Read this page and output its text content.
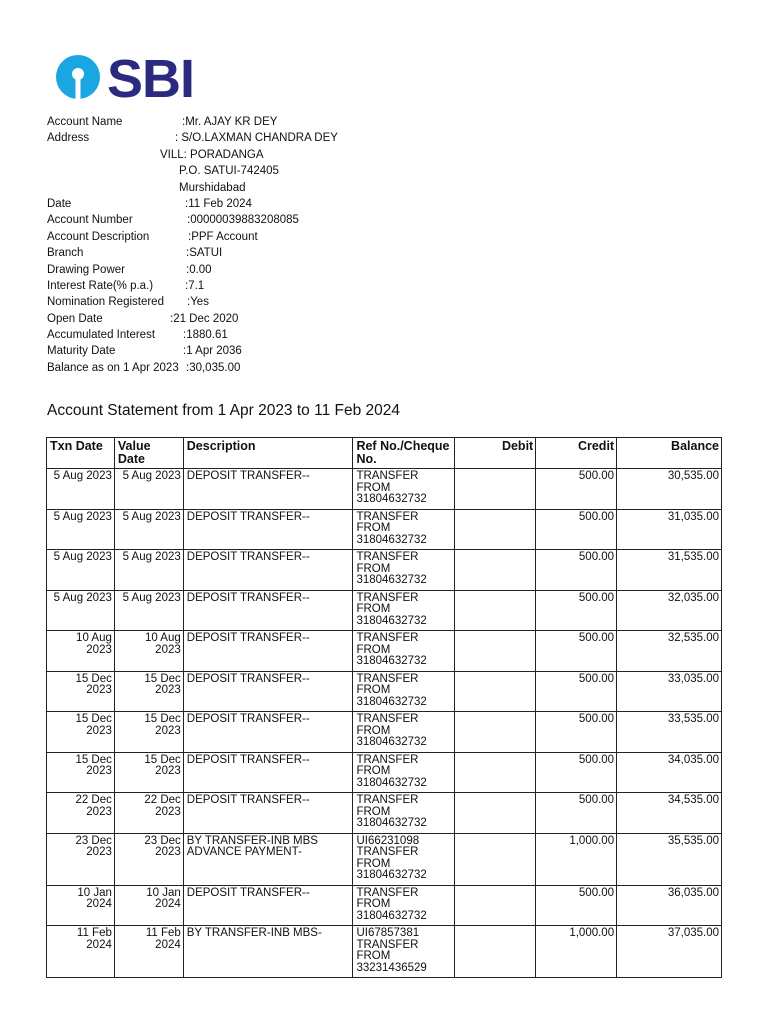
SBI
Account Name	:Mr. AJAY KR DEY
Address	: S/O.LAXMAN CHANDRA DEY
VILL: PORADANGA
P.O. SATUI-742405
Murshidabad
Date	:11 Feb 2024
Account Number	:00000039883208085
Account Description	:PPF Account
Branch	:SATUI
Drawing Power	:0.00
Interest Rate(% p.a.)	:7.1
Nomination Registered :Yes
Open Date	:21 Dec 2020
Accumulated Interest :1880.61
Maturity Date	:1 Apr 2036
Balance as on 1 Apr 2023 :30,035.00
Account Statement from 1 Apr 2023 to 11 Feb 2024
Txn Date	Value
Date	Description	Ref No./Cheque
No.	Debit	Credit	Balance
5 Aug 2023	5 Aug 2023	DEPOSIT TRANSFER--	TRANSFER
FROM
31804632732		500.00	30,535.00
5 Aug 2023	5 Aug 2023	DEPOSIT TRANSFER--	TRANSFER
FROM
31804632732		500.00	31,035.00
5 Aug 2023	5 Aug 2023	DEPOSIT TRANSFER--	TRANSFER
FROM
31804632732		500.00	31,535.00
5 Aug 2023	5 Aug 2023	DEPOSIT TRANSFER--	TRANSFER
FROM
31804632732		500.00	32,035.00
10 Aug
2023	10 Aug
2023	DEPOSIT TRANSFER--	TRANSFER
FROM
31804632732		500.00	32,535.00
15 Dec
2023	15 Dec
2023	DEPOSIT TRANSFER--	TRANSFER
FROM
31804632732		500.00	33,035.00
15 Dec
2023	15 Dec
2023	DEPOSIT TRANSFER--	TRANSFER
FROM
31804632732		500.00	33,535.00
15 Dec
2023	15 Dec
2023	DEPOSIT TRANSFER--	TRANSFER
FROM
31804632732		500.00	34,035.00
22 Dec
2023	22 Dec
2023	DEPOSIT TRANSFER--	TRANSFER
FROM
31804632732		500.00	34,535.00
23 Dec
2023	23 Dec
2023	BY TRANSFER-INB MBS
ADVANCE PAYMENT-	UI66231098
TRANSFER
FROM
31804632732		1,000.00	35,535.00
10 Jan
2024	10 Jan
2024	DEPOSIT TRANSFER--	TRANSFER
FROM
31804632732		500.00	36,035.00
11 Feb
2024	11 Feb
2024	BY TRANSFER-INB MBS-	UI67857381
TRANSFER
FROM
33231436529		1,000.00	37,035.00
